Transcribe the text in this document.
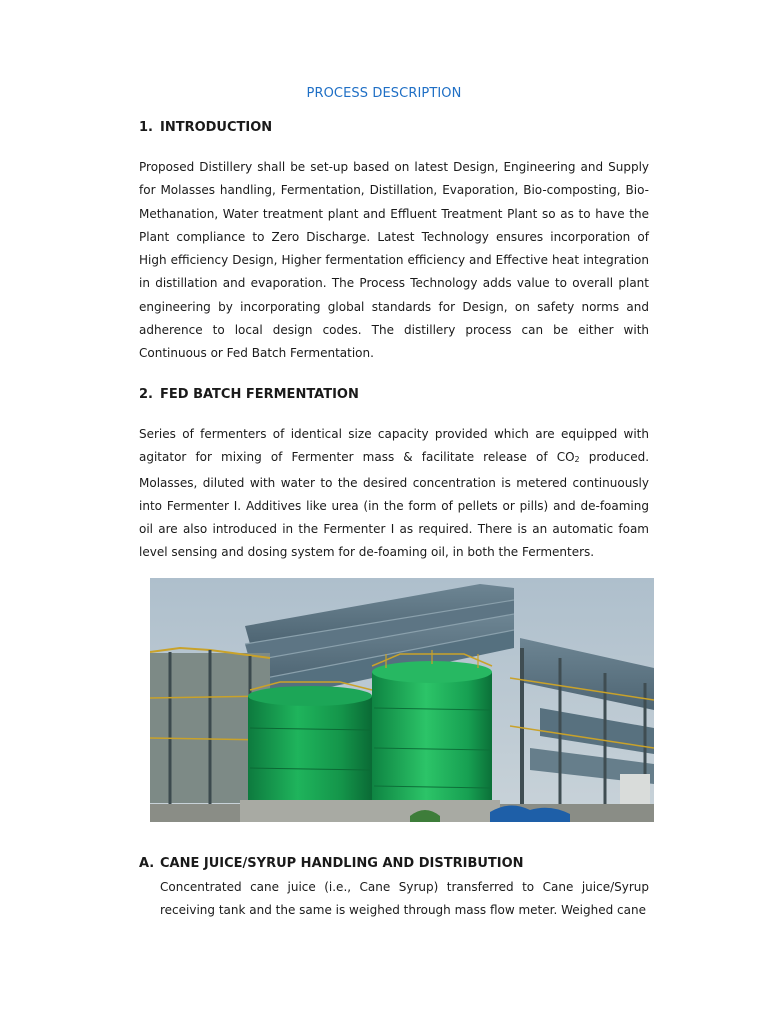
PROCESS DESCRIPTION
1. INTRODUCTION
Proposed Distillery shall be set-up based on latest Design, Engineering and Supply for Molasses handling, Fermentation, Distillation, Evaporation, Bio-composting, Bio-Methanation, Water treatment plant and Effluent Treatment Plant so as to have the Plant compliance to Zero Discharge. Latest Technology ensures incorporation of High efficiency Design, Higher fermentation efficiency and Effective heat integration in distillation and evaporation. The Process Technology adds value to overall plant engineering by incorporating global standards for Design, on safety norms and adherence to local design codes. The distillery process can be either with Continuous or Fed Batch Fermentation.
2. FED BATCH FERMENTATION
Series of fermenters of identical size capacity provided which are equipped with agitator for mixing of Fermenter mass & facilitate release of $CO_2$ produced. Molasses, diluted with water to the desired concentration is metered continuously into Fermenter I. Additives like urea (in the form of pellets or pills) and de-foaming oil are also introduced in the Fermenter I as required. There is an automatic foam level sensing and dosing system for de-foaming oil, in both the Fermenters.
A. CANE JUICE/SYRUP HANDLING AND DISTRIBUTION
Concentrated cane juice (i.e., Cane Syrup) transferred to Cane juice/Syrup receiving tank and the same is weighed through mass flow meter. Weighed cane
